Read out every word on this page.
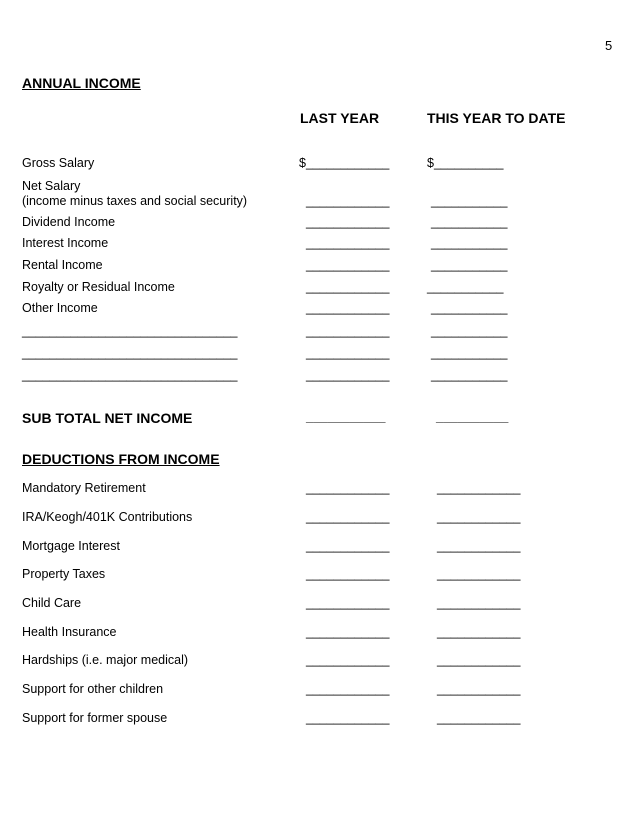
5
ANNUAL INCOME
LAST YEAR	THIS YEAR TO DATE
Gross Salary	$____________	$__________
Net Salary
(income minus taxes and social security)	____________	___________
Dividend Income	____________	___________
Interest Income	____________	___________
Rental Income	____________	___________
Royalty or Residual Income	____________	___________
Other Income	____________	___________
_______________________________	____________	___________
_______________________________	____________	___________
_______________________________	____________	___________
SUB TOTAL NET INCOME	___________	__________
DEDUCTIONS FROM INCOME
Mandatory Retirement	____________	____________
IRA/Keogh/401K Contributions	____________	____________
Mortgage Interest	____________	____________
Property Taxes	____________	____________
Child Care	____________	____________
Health Insurance	____________	____________
Hardships (i.e. major medical)	____________	____________
Support for other children	____________	____________
Support for former spouse	____________	____________
